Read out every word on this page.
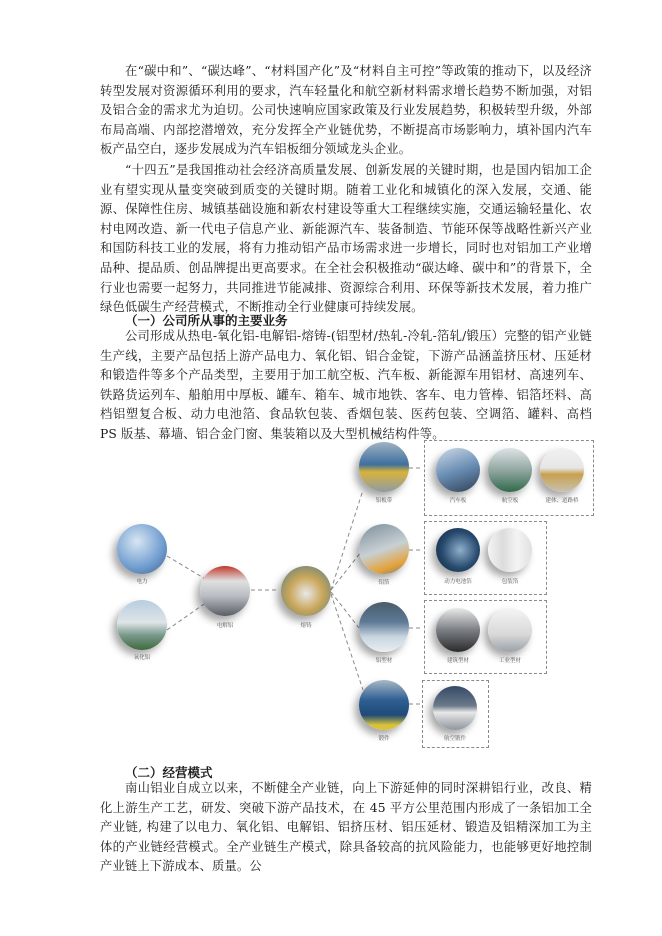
在“碳中和”、“碳达峰”、“材料国产化”及“材料自主可控”等政策的推动下，以及经济转型发展对资源循环利用的要求，汽车轻量化和航空新材料需求增长趋势不断加强，对铝及铝合金的需求尤为迫切。公司快速响应国家政策及行业发展趋势，积极转型升级，外部布局高端、内部挖潜增效，充分发挥全产业链优势，不断提高市场影响力，填补国内汽车板产品空白，逐步发展成为汽车铝板细分领域龙头企业。

“十四五”是我国推动社会经济高质量发展、创新发展的关键时期，也是国内铝加工企业有望实现从量变突破到质变的关键时期。随着工业化和城镇化的深入发展，交通、能源、保障性住房、城镇基础设施和新农村建设等重大工程继续实施，交通运输轻量化、农村电网改造、新一代电子信息产业、新能源汽车、装备制造、节能环保等战略性新兴产业和国防科技工业的发展，将有力推动铝产品市场需求进一步增长，同时也对铝加工产业增品种、提品质、创品牌提出更高要求。在全社会积极推动“碳达峰、碳中和”的背景下，全行业也需要一起努力，共同推进节能减排、资源综合利用、环保等新技术发展，着力推广绿色低碳生产经营模式，不断推动全行业健康可持续发展。

（一）公司所从事的主要业务

公司形成从热电-氧化铝-电解铝-熔铸-(铝型材/热轧-冷轧-箔轧/锻压）完整的铝产业链生产线，主要产品包括上游产品电力、氧化铝、铝合金锭，下游产品涵盖挤压材、压延材和锻造件等多个产品类型，主要用于加工航空板、汽车板、新能源车用铝材、高速列车、铁路货运列车、船舶用中厚板、罐车、箱车、城市地铁、客车、电力管棒、铝箔坯料、高档铝塑复合板、动力电池箔、食品软包装、香烟包装、医药包装、空调箔、罐料、高档 PS 版基、幕墙、铝合金门窗、集装箱以及大型机械结构件等。

电力
氧化铝
电解铝	熔铸
铝板带
铝箔
铝型材
锻件
汽车板	航空板	建体、道路桥
动力电池箔	包装箔
建筑型材	工业型材
航空锻件

（二）经营模式

南山铝业自成立以来，不断健全产业链，向上下游延伸的同时深耕铝行业，改良、精化上游生产工艺，研发、突破下游产品技术，在 45 平方公里范围内形成了一条铝加工全产业链, 构建了以电力、氧化铝、电解铝、铝挤压材、铝压延材、锻造及铝精深加工为主体的产业链经营模式。全产业链生产模式，除具备较高的抗风险能力，也能够更好地控制产业链上下游成本、质量。公
